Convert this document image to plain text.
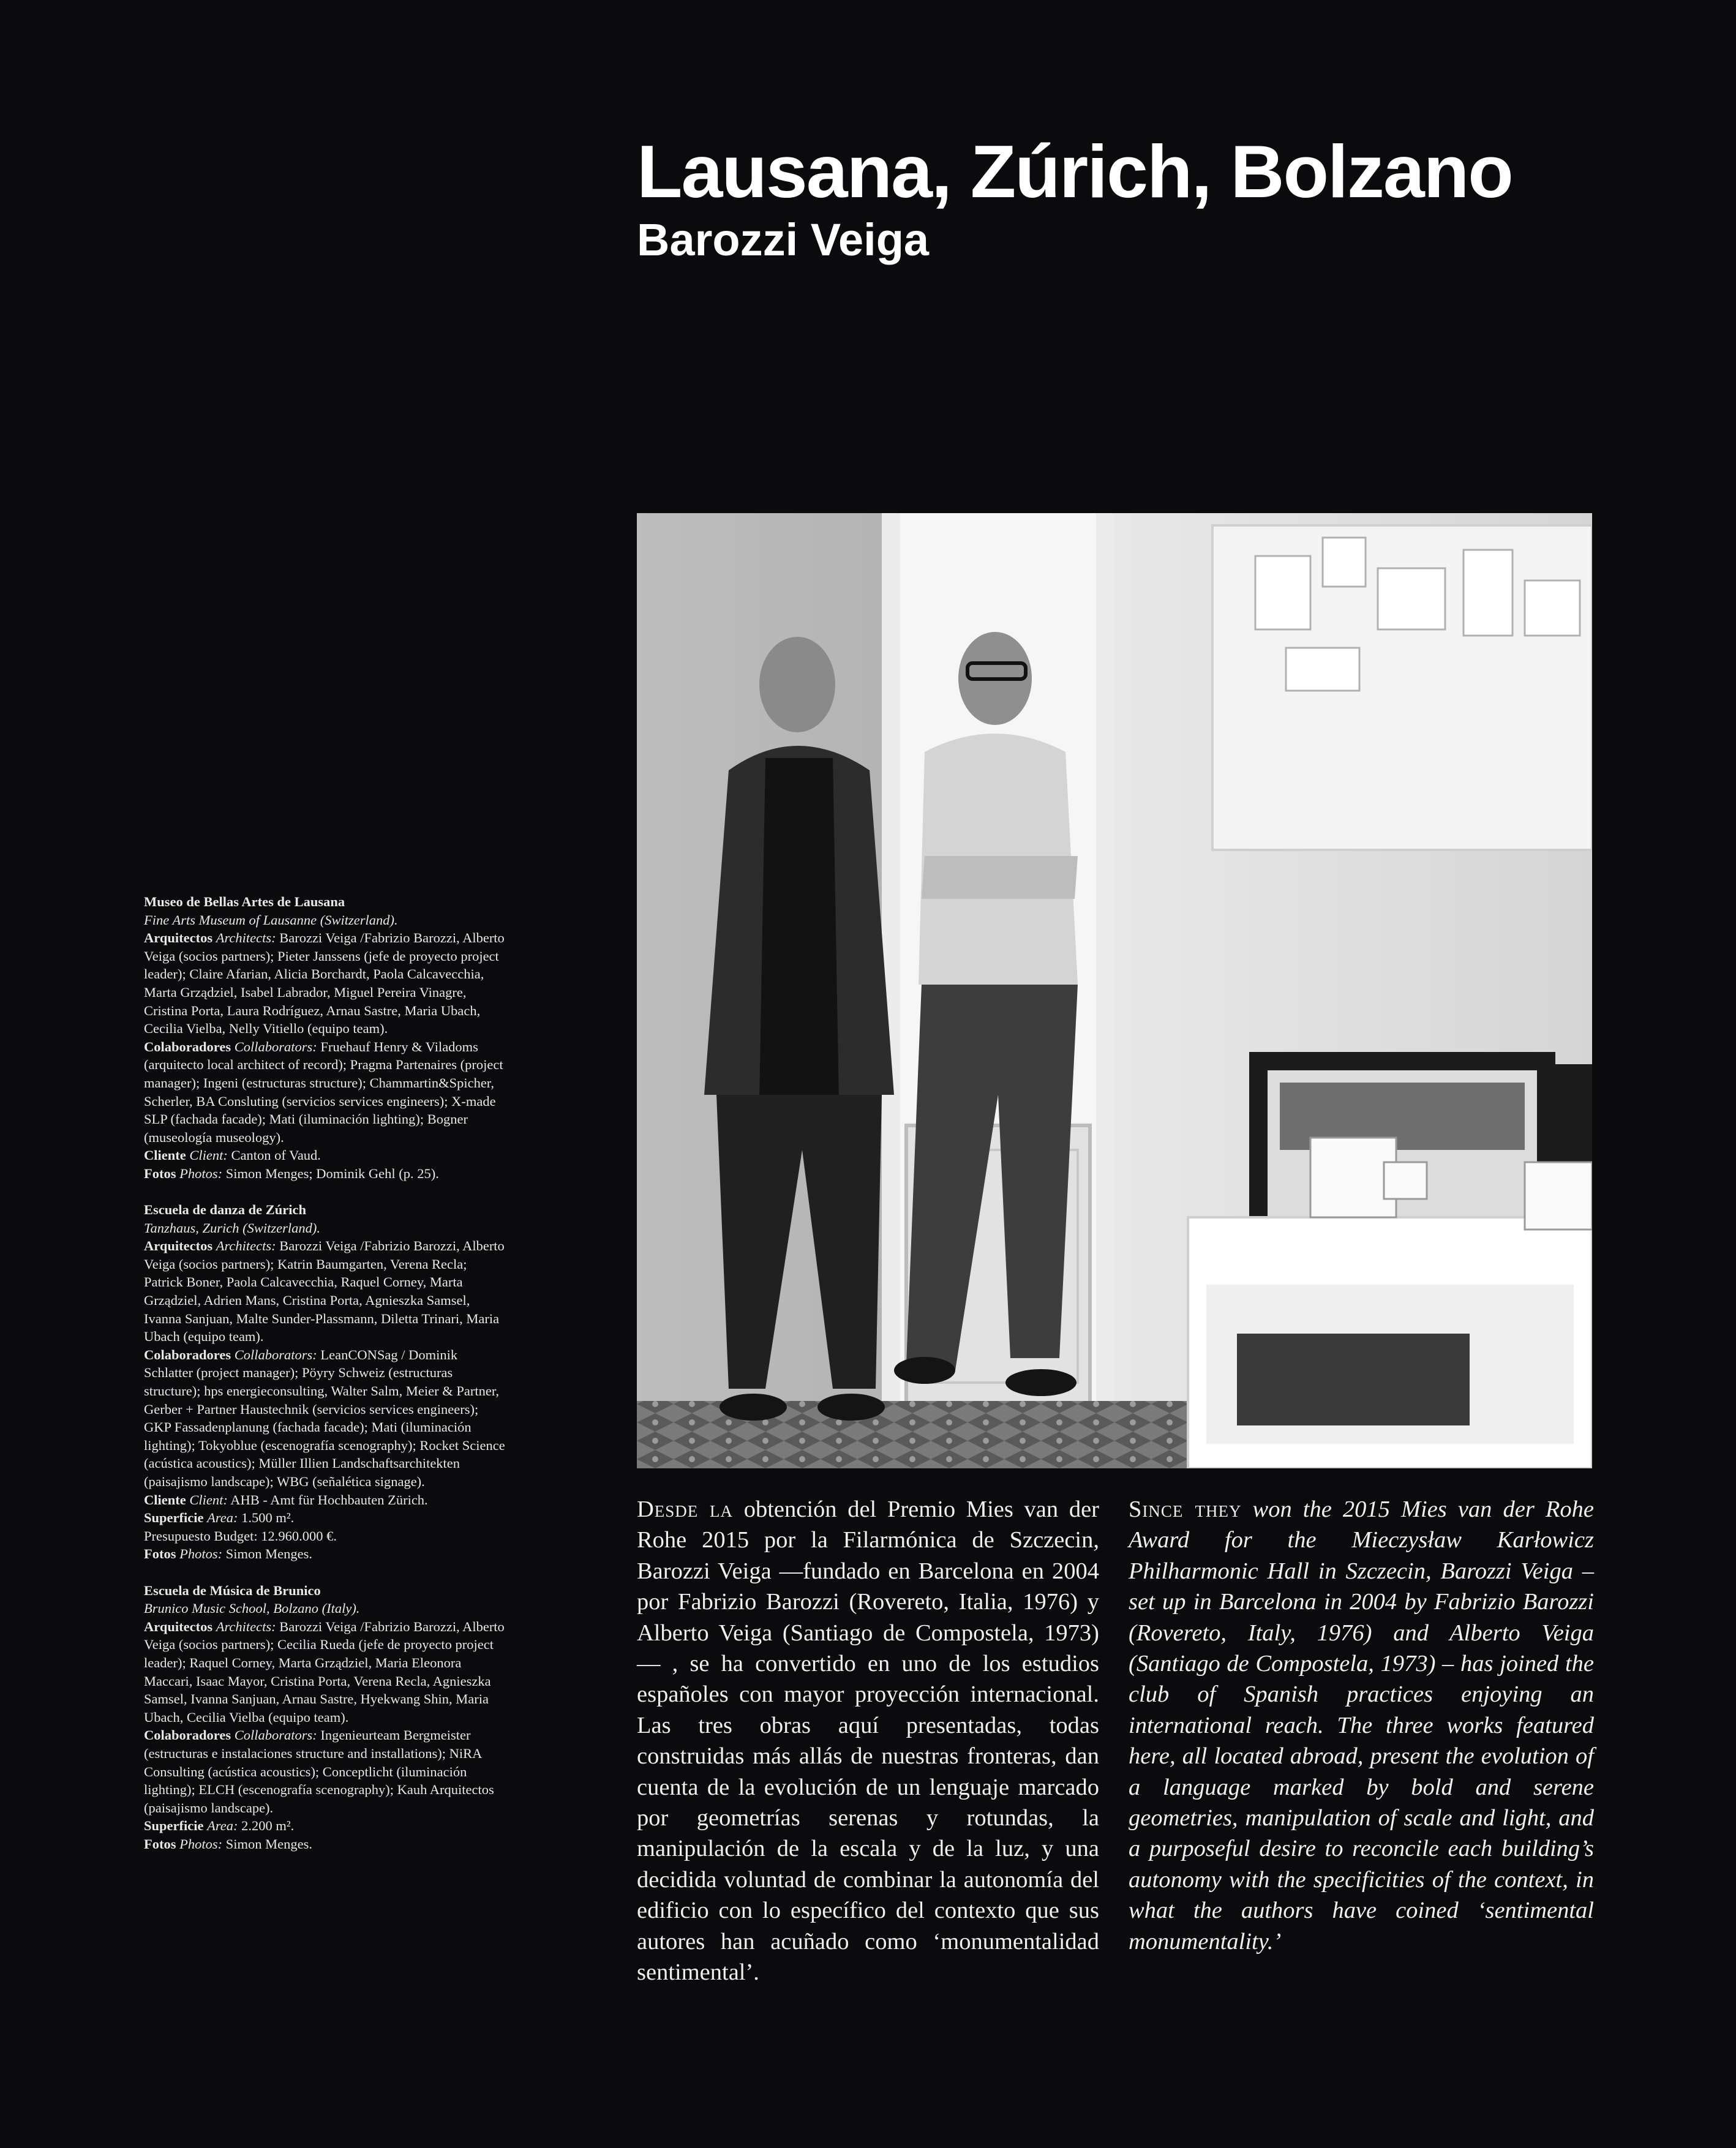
Lausana, Zúrich, Bolzano
Barozzi Veiga

Museo de Bellas Artes de Lausana

Fine Arts Museum of Lausanne (Switzerland).

Arquitectos Architects: Barozzi Veiga /Fabrizio Barozzi, Alberto Veiga (socios partners); Pieter Janssens (jefe de proyecto project leader); Claire Afarian, Alicia Borchardt, Paola Calcavecchia, Marta Grządziel, Isabel Labrador, Miguel Pereira Vinagre, Cristina Porta, Laura Rodríguez, Arnau Sastre, Maria Ubach, Cecilia Vielba, Nelly Vitiello (equipo team).

Colaboradores Collaborators: Fruehauf Henry & Viladoms (arquitecto local architect of record); Pragma Partenaires (project manager); Ingeni (estructuras structure); Chammartin&Spicher, Scherler, BA Consluting (servicios services engineers); X-made SLP (fachada facade); Mati (iluminación lighting); Bogner (museología museology).

Cliente Client: Canton of Vaud.

Fotos Photos: Simon Menges; Dominik Gehl (p. 25).

Escuela de danza de Zúrich

Tanzhaus, Zurich (Switzerland).

Arquitectos Architects: Barozzi Veiga /Fabrizio Barozzi, Alberto Veiga (socios partners); Katrin Baumgarten, Verena Recla; Patrick Boner, Paola Calcavecchia, Raquel Corney, Marta Grządziel, Adrien Mans, Cristina Porta, Agnieszka Samsel, Ivanna Sanjuan, Malte Sunder-Plassmann, Diletta Trinari, Maria Ubach (equipo team).

Colaboradores Collaborators: LeanCONSag / Dominik Schlatter (project manager); Pöyry Schweiz (estructuras structure); hps energieconsulting, Walter Salm, Meier & Partner, Gerber + Partner Haustechnik (servicios services engineers); GKP Fassadenplanung (fachada facade); Mati (iluminación lighting); Tokyoblue (escenografía scenography); Rocket Science (acústica acoustics); Müller Illien Landschaftsarchitekten (paisajismo landscape); WBG (señalética signage).

Cliente Client: AHB - Amt für Hochbauten Zürich.

Superficie Area: 1.500 m².

Presupuesto Budget: 12.960.000 €.

Fotos Photos: Simon Menges.

Escuela de Música de Brunico

Brunico Music School, Bolzano (Italy).

Arquitectos Architects: Barozzi Veiga /Fabrizio Barozzi, Alberto Veiga (socios partners); Cecilia Rueda (jefe de proyecto project leader); Raquel Corney, Marta Grządziel, Maria Eleonora Maccari, Isaac Mayor, Cristina Porta, Verena Recla, Agnieszka Samsel, Ivanna Sanjuan, Arnau Sastre, Hyekwang Shin, Maria Ubach, Cecilia Vielba (equipo team).

Colaboradores Collaborators: Ingenieurteam Bergmeister (estructuras e instalaciones structure and installations); NiRA Consulting (acústica acoustics); Conceptlicht (iluminación lighting); ELCH (escenografía scenography); Kauh Arquitectos (paisajismo landscape).

Superficie Area: 2.200 m².

Fotos Photos: Simon Menges.

Desde la obtención del Premio Mies van der Rohe 2015 por la Filarmónica de Szczecin, Barozzi Veiga —fundado en Barcelona en 2004 por Fabrizio Barozzi (Rovereto, Italia, 1976) y Alberto Veiga (Santiago de Compostela, 1973)— , se ha convertido en uno de los estudios españoles con mayor proyección internacional. Las tres obras aquí presentadas, todas construidas más allás de nuestras fronteras, dan cuenta de la evolución de un lenguaje marcado por geometrías serenas y rotundas, la manipulación de la escala y de la luz, y una decidida voluntad de combinar la autonomía del edificio con lo específico del contexto que sus autores han acuñado como ‘monumentalidad sentimental’.
Since they won the 2015 Mies van der Rohe Award for the Mieczysław Karłowicz Philharmonic Hall in Szczecin, Barozzi Veiga – set up in Barcelona in 2004 by Fabrizio Barozzi (Rovereto, Italy, 1976) and Alberto Veiga (Santiago de Compostela, 1973) – has joined the club of Spanish practices enjoying an international reach. The three works featured here, all located abroad, present the evolution of a language marked by bold and serene geometries, manipulation of scale and light, and a purposeful desire to reconcile each building’s autonomy with the specificities of the context, in what the authors have coined ‘sentimental monumentality.’
